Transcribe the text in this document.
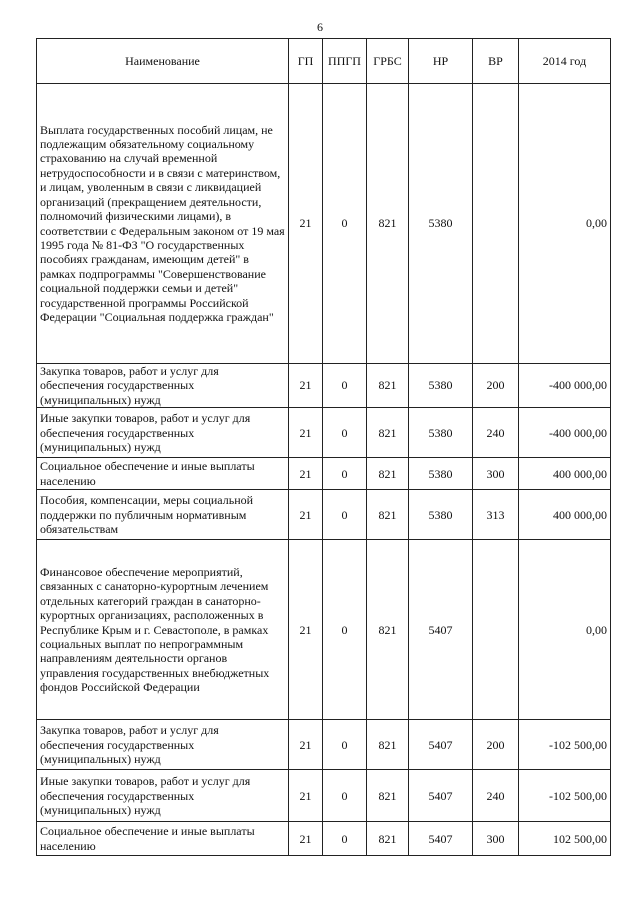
6
Наименование	ГП	ППГП	ГРБС	НР	ВР	2014 год
Выплата государственных пособий лицам, не подлежащим обязательному социальному страхованию на случай временной нетрудоспособности и в связи с материнством, и лицам, уволенным в связи с ликвидацией организаций (прекращением деятельности, полномочий физическими лицами), в соответствии с Федеральным законом от 19 мая 1995 года № 81-ФЗ "О государственных пособиях гражданам, имеющим детей" в рамках подпрограммы "Совершенствование социальной поддержки семьи и детей" государственной программы Российской Федерации "Социальная поддержка граждан"	21	0	821	5380		0,00
Закупка товаров, работ и услуг для обеспечения государственных (муниципальных) нужд	21	0	821	5380	200	-400 000,00
Иные закупки товаров, работ и услуг для обеспечения государственных (муниципальных) нужд	21	0	821	5380	240	-400 000,00
Социальное обеспечение и иные выплаты населению	21	0	821	5380	300	400 000,00
Пособия, компенсации, меры социальной поддержки по публичным нормативным обязательствам	21	0	821	5380	313	400 000,00
Финансовое обеспечение мероприятий, связанных с санаторно-курортным лечением отдельных категорий граждан в санаторно-курортных организациях, расположенных в Республике Крым и г. Севастополе, в рамках социальных выплат по непрограммным направлениям деятельности органов управления государственных внебюджетных фондов Российской Федерации	21	0	821	5407		0,00
Закупка товаров, работ и услуг для обеспечения государственных (муниципальных) нужд	21	0	821	5407	200	-102 500,00
Иные закупки товаров, работ и услуг для обеспечения государственных (муниципальных) нужд	21	0	821	5407	240	-102 500,00
Социальное обеспечение и иные выплаты населению	21	0	821	5407	300	102 500,00
